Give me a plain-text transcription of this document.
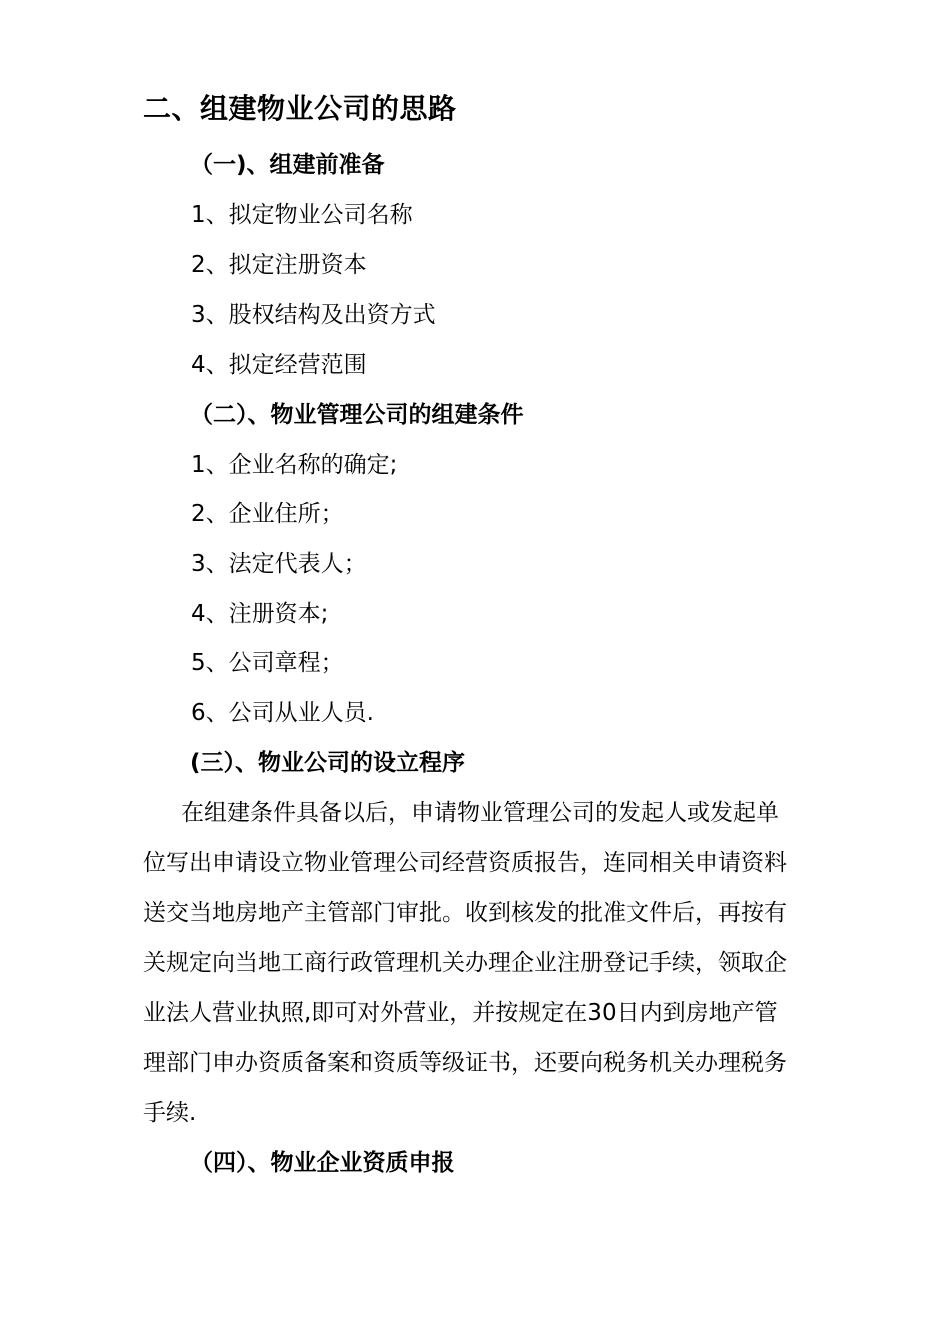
二、组建物业公司的思路
（一)、组建前准备
1、拟定物业公司名称
2、拟定注册资本
3、股权结构及出资方式
4、拟定经营范围
（二）、物业管理公司的组建条件
1、企业名称的确定;
2、企业住所；
3、法定代表人；
4、注册资本;
5、公司章程；
6、公司从业人员.
(三）、物业公司的设立程序
在组建条件具备以后，申请物业管理公司的发起人或发起单
位写出申请设立物业管理公司经营资质报告，连同相关申请资料
送交当地房地产主管部门审批。收到核发的批准文件后，再按有
关规定向当地工商行政管理机关办理企业注册登记手续，领取企
业法人营业执照,即可对外营业，并按规定在30日内到房地产管
理部门申办资质备案和资质等级证书，还要向税务机关办理税务
手续.
（四）、物业企业资质申报
